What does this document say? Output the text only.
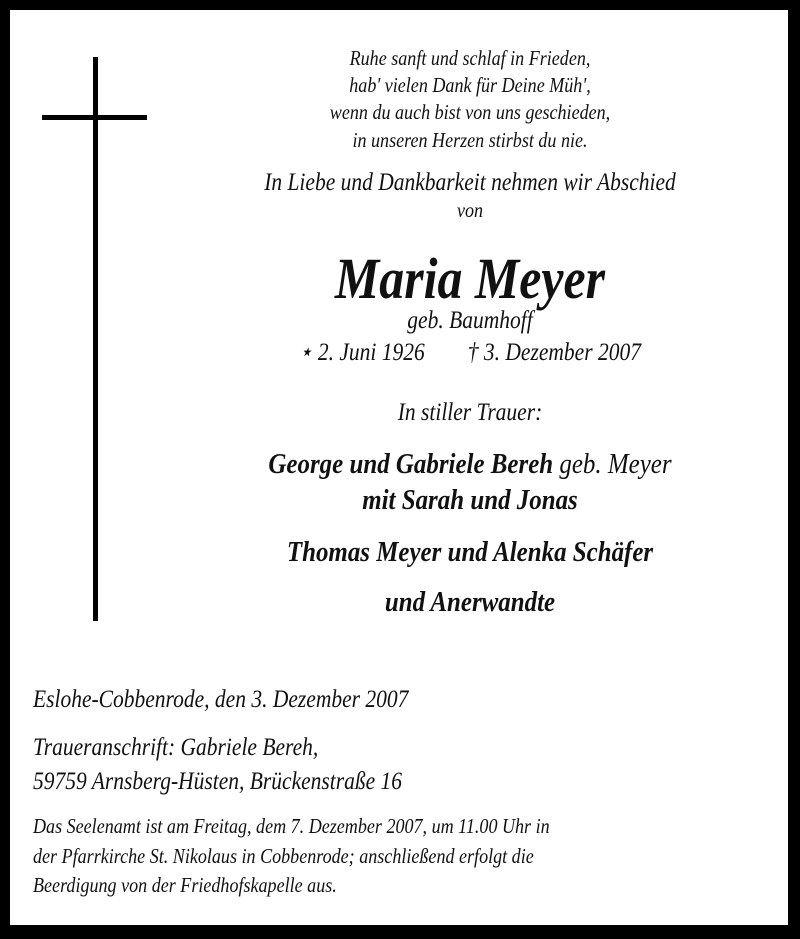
Ruhe sanft und schlaf in Frieden,
hab' vielen Dank für Deine Müh',
wenn du auch bist von uns geschieden,
in unseren Herzen stirbst du nie.
In Liebe und Dankbarkeit nehmen wir Abschied
von
Maria Meyer
geb. Baumhoff
⋆ 2. Juni 1926 † 3. Dezember 2007
In stiller Trauer:
George und Gabriele Bereh geb. Meyer
mit Sarah und Jonas
Thomas Meyer und Alenka Schäfer
und Anerwandte
Eslohe-Cobbenrode, den 3. Dezember 2007
Traueranschrift: Gabriele Bereh,
59759 Arnsberg-Hüsten, Brückenstraße 16
Das Seelenamt ist am Freitag, dem 7. Dezember 2007, um 11.00 Uhr in
der Pfarrkirche St. Nikolaus in Cobbenrode; anschließend erfolgt die
Beerdigung von der Friedhofskapelle aus.
